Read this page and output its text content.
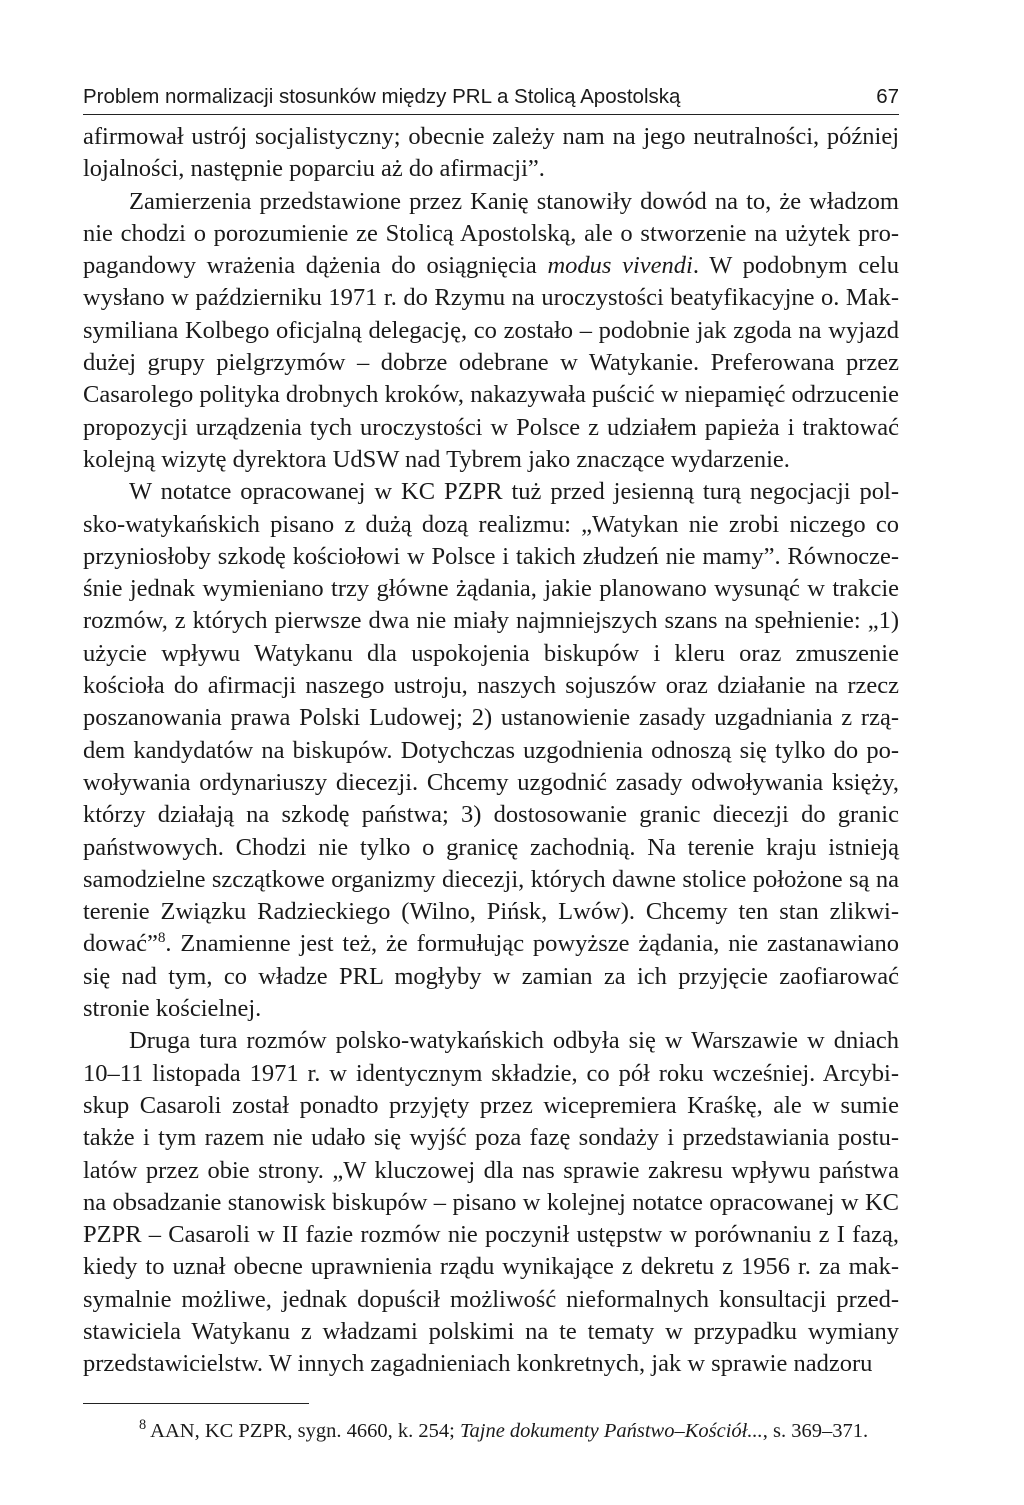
Problem normalizacji stosunków między PRL a Stolicą Apostolską	67

afirmował ustrój socjalistyczny; obecnie zależy nam na jego neutralności, później lojalności, następnie poparciu aż do afirmacji”.

Zamierzenia przedstawione przez Kanię stanowiły dowód na to, że władzom nie chodzi o porozumienie ze Stolicą Apostolską, ale o stworzenie na użytek propagandowy wrażenia dążenia do osiągnięcia modus vivendi. W podobnym celu wysłano w październiku 1971 r. do Rzymu na uroczystości beatyfikacyjne o. Maksymiliana Kolbego oficjalną delegację, co zostało – podobnie jak zgoda na wyjazd dużej grupy pielgrzymów – dobrze odebrane w Watykanie. Preferowana przez Casarolego polityka drobnych kroków, nakazywała puścić w niepamięć odrzucenie propozycji urządzenia tych uroczystości w Polsce z udziałem papieża i traktować kolejną wizytę dyrektora UdSW nad Tybrem jako znaczące wydarzenie.

W notatce opracowanej w KC PZPR tuż przed jesienną turą negocjacji polsko-watykańskich pisano z dużą dozą realizmu: „Watykan nie zrobi niczego co przyniosłoby szkodę kościołowi w Polsce i takich złudzeń nie mamy”. Równocześnie jednak wymieniano trzy główne żądania, jakie planowano wysunąć w trakcie rozmów, z których pierwsze dwa nie miały najmniejszych szans na spełnienie: „1) użycie wpływu Watykanu dla uspokojenia biskupów i kleru oraz zmuszenie kościoła do afirmacji naszego ustroju, naszych sojuszów oraz działanie na rzecz poszanowania prawa Polski Ludowej; 2) ustanowienie zasady uzgadniania z rządem kandydatów na biskupów. Dotychczas uzgodnienia odnoszą się tylko do powoływania ordynariuszy diecezji. Chcemy uzgodnić zasady odwoływania księży, którzy działają na szkodę państwa; 3) dostosowanie granic diecezji do granic państwowych. Chodzi nie tylko o granicę zachodnią. Na terenie kraju istnieją samodzielne szczątkowe organizmy diecezji, których dawne stolice położone są na terenie Związku Radzieckiego (Wilno, Pińsk, Lwów). Chcemy ten stan zlikwidować”$^8$. Znamienne jest też, że formułując powyższe żądania, nie zastanawiano się nad tym, co władze PRL mogłyby w zamian za ich przyjęcie zaofiarować stronie kościelnej.

Druga tura rozmów polsko-watykańskich odbyła się w Warszawie w dniach 10–11 listopada 1971 r. w identycznym składzie, co pół roku wcześniej. Arcybiskup Casaroli został ponadto przyjęty przez wicepremiera Kraśkę, ale w sumie także i tym razem nie udało się wyjść poza fazę sondaży i przedstawiania postulatów przez obie strony. „W kluczowej dla nas sprawie zakresu wpływu państwa na obsadzanie stanowisk biskupów – pisano w kolejnej notatce opracowanej w KC PZPR – Casaroli w II fazie rozmów nie poczynił ustępstw w porównaniu z I fazą, kiedy to uznał obecne uprawnienia rządu wynikające z dekretu z 1956 r. za maksymalnie możliwe, jednak dopuścił możliwość nieformalnych konsultacji przedstawiciela Watykanu z władzami polskimi na te tematy w przypadku wymiany przedstawicielstw. W innych zagadnieniach konkretnych, jak w sprawie nadzoru

$^8$ AAN, KC PZPR, sygn. 4660, k. 254; Tajne dokumenty Państwo–Kościół..., s. 369–371.
